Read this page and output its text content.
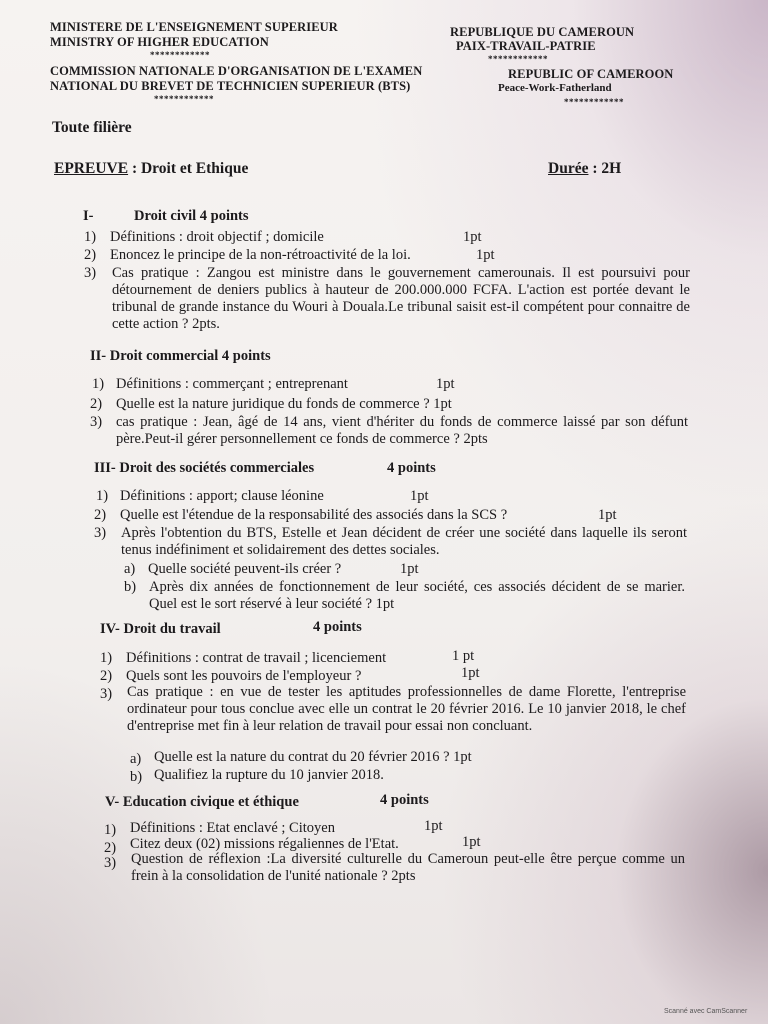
MINISTERE DE L'ENSEIGNEMENT SUPERIEUR
MINISTRY OF HIGHER EDUCATION
************
COMMISSION NATIONALE D'ORGANISATION DE L'EXAMEN
NATIONAL DU BREVET DE TECHNICIEN SUPERIEUR (BTS)
************
REPUBLIQUE DU CAMEROUN
PAIX-TRAVAIL-PATRIE
************
REPUBLIC OF CAMEROON
Peace-Work-Fatherland
************
Toute filière
EPREUVE : Droit et Ethique	Durée : 2H
I-	Droit civil 4 points
1) Définitions : droit objectif ; domicile	1pt
2) Enoncez le principe de la non-rétroactivité de la loi.	1pt
3) Cas pratique : Zangou est ministre dans le gouvernement camerounais. Il est poursuivi pour détournement de deniers publics à hauteur de 200.000.000 FCFA. L'action est portée devant le tribunal de grande instance du Wouri à Douala.Le tribunal saisit est-il compétent pour connaitre de cette action ? 2pts.
II- Droit commercial 4 points
1) Définitions : commerçant ; entreprenant	1pt
2) Quelle est la nature juridique du fonds de commerce ? 1pt
3) cas pratique : Jean, âgé de 14 ans, vient d'hériter du fonds de commerce laissé par son défunt père.Peut-il gérer personnellement ce fonds de commerce ? 2pts
III- Droit des sociétés commerciales	4 points
1) Définitions : apport; clause léonine	1pt
2) Quelle est l'étendue de la responsabilité des associés dans la SCS ?	1pt
3) Après l'obtention du BTS, Estelle et Jean décident de créer une société dans laquelle ils seront tenus indéfiniment et solidairement des dettes sociales.
a) Quelle société peuvent-ils créer ?	1pt
b) Après dix années de fonctionnement de leur société, ces associés décident de se marier. Quel est le sort réservé à leur société ? 1pt
IV- Droit du travail	4 points
1) Définitions : contrat de travail ; licenciement	1 pt
2) Quels sont les pouvoirs de l'employeur ?	1pt
3) Cas pratique : en vue de tester les aptitudes professionnelles de dame Florette, l'entreprise ordinateur pour tous conclue avec elle un contrat le 20 février 2016. Le 10 janvier 2018, le chef d'entreprise met fin à leur relation de travail pour essai non concluant.
a) Quelle est la nature du contrat du 20 février 2016 ? 1pt
b) Qualifiez la rupture du 10 janvier 2018.
V- Education civique et éthique	4 points
1) Définitions : Etat enclavé ; Citoyen	1pt
2) Citez deux (02) missions régaliennes de l'Etat.	1pt
3) Question de réflexion :La diversité culturelle du Cameroun peut-elle être perçue comme un frein à la consolidation de l'unité nationale ? 2pts
Scanné avec CamScanner
